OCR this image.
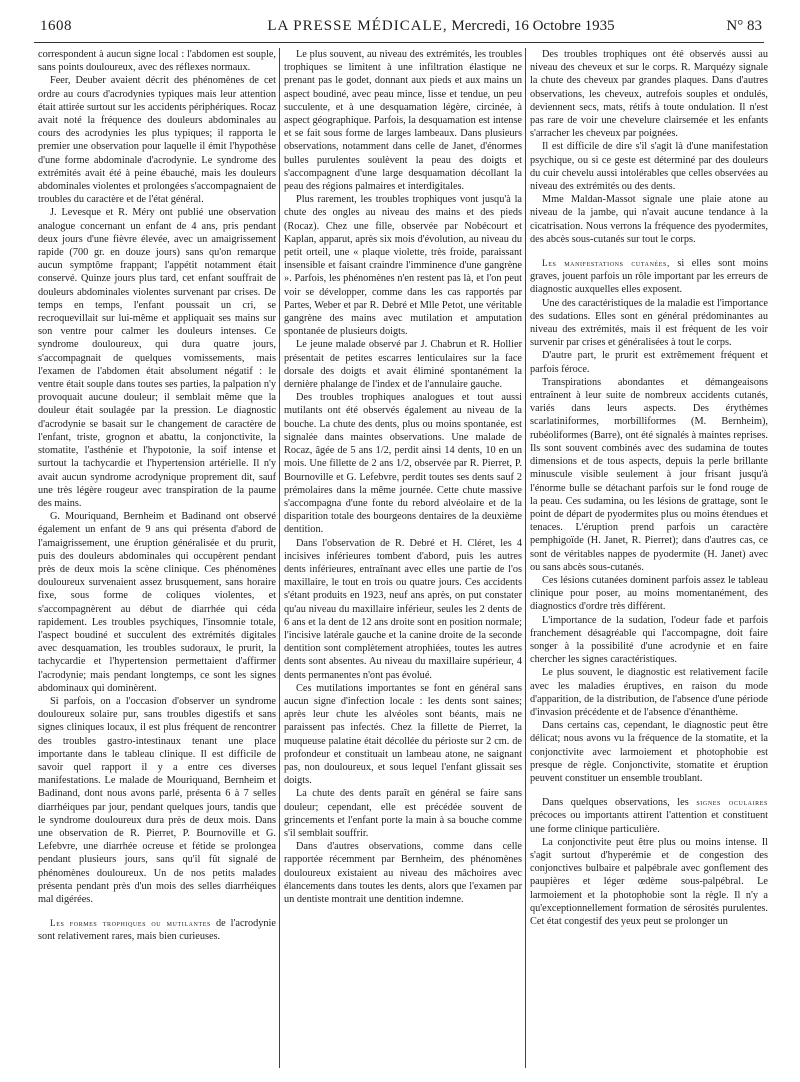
1608	LA PRESSE MÉDICALE, Mercredi, 16 Octobre 1935	N° 83

correspondent à aucun signe local : l'abdomen est souple, sans points douloureux, avec des réflexes normaux.

Feer, Deuber avaient décrit des phénomènes de cet ordre au cours d'acrodynies typiques mais leur attention était attirée surtout sur les accidents périphériques. Rocaz avait noté la fréquence des douleurs abdominales au cours des acrodynies les plus typiques; il rapporta le premier une observation pour laquelle il émit l'hypothèse d'une forme abdominale d'acrodynie. Le syndrome des extrémités avait été à peine ébauché, mais les douleurs abdominales violentes et prolongées s'accompagnaient de troubles du caractère et de l'état général.

J. Levesque et R. Méry ont publié une observation analogue concernant un enfant de 4 ans, pris pendant deux jours d'une fièvre élevée, avec un amaigrissement rapide (700 gr. en douze jours) sans qu'on remarque aucun symptôme frappant; l'appétit notamment était conservé. Quinze jours plus tard, cet enfant souffrait de douleurs abdominales violentes survenant par crises. De temps en temps, l'enfant poussait un cri, se recroquevillait sur lui-même et appliquait ses mains sur son ventre pour calmer les douleurs intenses. Ce syndrome douloureux, qui dura quatre jours, s'accompagnait de quelques vomissements, mais l'examen de l'abdomen était absolument négatif : le ventre était souple dans toutes ses parties, la palpation n'y provoquait aucune douleur; il semblait même que la douleur était soulagée par la pression. Le diagnostic d'acrodynie se basait sur le changement de caractère de l'enfant, triste, grognon et abattu, la conjonctivite, la stomatite, l'asthénie et l'hypotonie, la soif intense et surtout la tachycardie et l'hypertension artérielle. Il n'y avait aucun syndrome acrodynique proprement dit, sauf une très légère rougeur avec transpiration de la paume des mains.

G. Mouriquand, Bernheim et Badinand ont observé également un enfant de 9 ans qui présenta d'abord de l'amaigrissement, une éruption généralisée et du prurit, puis des douleurs abdominales qui occupèrent pendant près de deux mois la scène clinique. Ces phénomènes douloureux survenaient assez brusquement, sans horaire fixe, sous forme de coliques violentes, et s'accompagnèrent au début de diarrhée qui céda rapidement. Les troubles psychiques, l'insomnie totale, l'aspect boudiné et succulent des extrémités digitales avec desquamation, les troubles sudoraux, le prurit, la tachycardie et l'hypertension permettaient d'affirmer l'acrodynie; mais pendant longtemps, ce sont les signes abdominaux qui dominèrent.

Si parfois, on a l'occasion d'observer un syndrome douloureux solaire pur, sans troubles digestifs et sans signes cliniques locaux, il est plus fréquent de rencontrer des troubles gastro-intestinaux tenant une place importante dans le tableau clinique. Il est difficile de savoir quel rapport il y a entre ces diverses manifestations. Le malade de Mouriquand, Bernheim et Badinand, dont nous avons parlé, présenta 6 à 7 selles diarrhéiques par jour, pendant quelques jours, tandis que le syndrome douloureux dura près de deux mois. Dans une observation de R. Pierret, P. Bournoville et G. Lefebvre, une diarrhée ocreuse et fétide se prolongea pendant plusieurs jours, sans qu'il fût signalé de phénomènes douloureux. Un de nos petits malades présenta pendant près d'un mois des selles diarrhéiques mal digérées.

Les formes trophiques ou mutilantes de l'acrodynie sont relativement rares, mais bien curieuses.

Le plus souvent, au niveau des extrémités, les troubles trophiques se limitent à une infiltration élastique ne prenant pas le godet, donnant aux pieds et aux mains un aspect boudiné, avec peau mince, lisse et tendue, un peu succulente, et à une desquamation légère, circinée, à aspect géographique. Parfois, la desquamation est intense et se fait sous forme de larges lambeaux. Dans plusieurs observations, notamment dans celle de Janet, d'énormes bulles purulentes soulèvent la peau des doigts et s'accompagnent d'une large desquamation décollant la peau des régions palmaires et interdigitales.

Plus rarement, les troubles trophiques vont jusqu'à la chute des ongles au niveau des mains et des pieds (Rocaz). Chez une fille, observée par Nobécourt et Kaplan, apparut, après six mois d'évolution, au niveau du petit orteil, une « plaque violette, très froide, paraissant insensible et faisant craindre l'imminence d'une gangrène ». Parfois, les phénomènes n'en restent pas là, et l'on peut voir se développer, comme dans les cas rapportés par Partes, Weber et par R. Debré et Mlle Petot, une véritable gangrène des mains avec mutilation et amputation spontanée de plusieurs doigts.

Le jeune malade observé par J. Chabrun et R. Hollier présentait de petites escarres lenticulaires sur la face dorsale des doigts et avait éliminé spontanément la dernière phalange de l'index et de l'annulaire gauche.

Des troubles trophiques analogues et tout aussi mutilants ont été observés également au niveau de la bouche. La chute des dents, plus ou moins spontanée, est signalée dans maintes observations. Une malade de Rocaz, âgée de 5 ans 1/2, perdit ainsi 14 dents, 10 en un mois. Une fillette de 2 ans 1/2, observée par R. Pierret, P. Bournoville et G. Lefebvre, perdit toutes ses dents sauf 2 prémolaires dans la même journée. Cette chute massive s'accompagna d'une fonte du rebord alvéolaire et de la disparition totale des bourgeons dentaires de la deuxième dentition.

Dans l'observation de R. Debré et H. Cléret, les 4 incisives inférieures tombent d'abord, puis les autres dents inférieures, entraînant avec elles une partie de l'os maxillaire, le tout en trois ou quatre jours. Ces accidents s'étant produits en 1923, neuf ans après, on put constater qu'au niveau du maxillaire inférieur, seules les 2 dents de 6 ans et la dent de 12 ans droite sont en position normale; l'incisive latérale gauche et la canine droite de la seconde dentition sont complètement atrophiées, toutes les autres dents sont absentes. Au niveau du maxillaire supérieur, 4 dents permanentes n'ont pas évolué.

Ces mutilations importantes se font en général sans aucun signe d'infection locale : les dents sont saines; après leur chute les alvéoles sont béants, mais ne paraissent pas infectés. Chez la fillette de Pierret, la muqueuse palatine était décollée du périoste sur 2 cm. de profondeur et constituait un lambeau atone, ne saignant pas, non douloureux, et sous lequel l'enfant glissait ses doigts.

La chute des dents paraît en général se faire sans douleur; cependant, elle est précédée souvent de grincements et l'enfant porte la main à sa bouche comme s'il semblait souffrir.

Dans d'autres observations, comme dans celle rapportée récemment par Bernheim, des phénomènes douloureux existaient au niveau des mâchoires avec élancements dans toutes les dents, alors que l'examen par un dentiste montrait une dentition indemne.

Des troubles trophiques ont été observés aussi au niveau des cheveux et sur le corps. R. Marquézy signale la chute des cheveux par grandes plaques. Dans d'autres observations, les cheveux, autrefois souples et ondulés, deviennent secs, mats, rétifs à toute ondulation. Il n'est pas rare de voir une chevelure clairsemée et les enfants s'arracher les cheveux par poignées.

Il est difficile de dire s'il s'agit là d'une manifestation psychique, ou si ce geste est déterminé par des douleurs du cuir chevelu aussi intolérables que celles observées au niveau des extrémités ou des dents.

Mme Maldan-Massot signale une plaie atone au niveau de la jambe, qui n'avait aucune tendance à la cicatrisation. Nous verrons la fréquence des pyodermites, des abcès sous-cutanés sur tout le corps.

Les manifestations cutanées, si elles sont moins graves, jouent parfois un rôle important par les erreurs de diagnostic auxquelles elles exposent.

Une des caractéristiques de la maladie est l'importance des sudations. Elles sont en général prédominantes au niveau des extrémités, mais il est fréquent de les voir survenir par crises et généralisées à tout le corps.

D'autre part, le prurit est extrêmement fréquent et parfois féroce.

Transpirations abondantes et démangeaisons entraînent à leur suite de nombreux accidents cutanés, variés dans leurs aspects. Des érythèmes scarlatiniformes, morbilliformes (M. Bernheim), rubéoliformes (Barre), ont été signalés à maintes reprises. Ils sont souvent combinés avec des sudamina de toutes dimensions et de tous aspects, depuis la perle brillante minuscule visible seulement à jour frisant jusqu'à l'énorme bulle se détachant parfois sur le fond rouge de la peau. Ces sudamina, ou les lésions de grattage, sont le point de départ de pyodermites plus ou moins étendues et tenaces. L'éruption prend parfois un caractère pemphigoïde (H. Janet, R. Pierret); dans d'autres cas, ce sont de véritables nappes de pyodermite (H. Janet) avec ou sans abcès sous-cutanés.

Ces lésions cutanées dominent parfois assez le tableau clinique pour poser, au moins momentanément, des diagnostics d'ordre très différent.

L'importance de la sudation, l'odeur fade et parfois franchement désagréable qui l'accompagne, doit faire songer à la possibilité d'une acrodynie et en faire chercher les signes caractéristiques.

Le plus souvent, le diagnostic est relativement facile avec les maladies éruptives, en raison du mode d'apparition, de la distribution, de l'absence d'une période d'invasion précédente et de l'absence d'énanthème.

Dans certains cas, cependant, le diagnostic peut être délicat; nous avons vu la fréquence de la stomatite, et la conjonctivite avec larmoiement et photophobie est presque de règle. Conjonctivite, stomatite et éruption peuvent constituer un ensemble troublant.

Dans quelques observations, les signes oculaires précoces ou importants attirent l'attention et constituent une forme clinique particulière.

La conjonctivite peut être plus ou moins intense. Il s'agit surtout d'hyperémie et de congestion des conjonctives bulbaire et palpébrale avec gonflement des paupières et léger œdème sous-palpébral. Le larmoiement et la photophobie sont la règle. Il n'y a qu'exceptionnellement formation de sérosités purulentes. Cet état congestif des yeux peut se prolonger un
